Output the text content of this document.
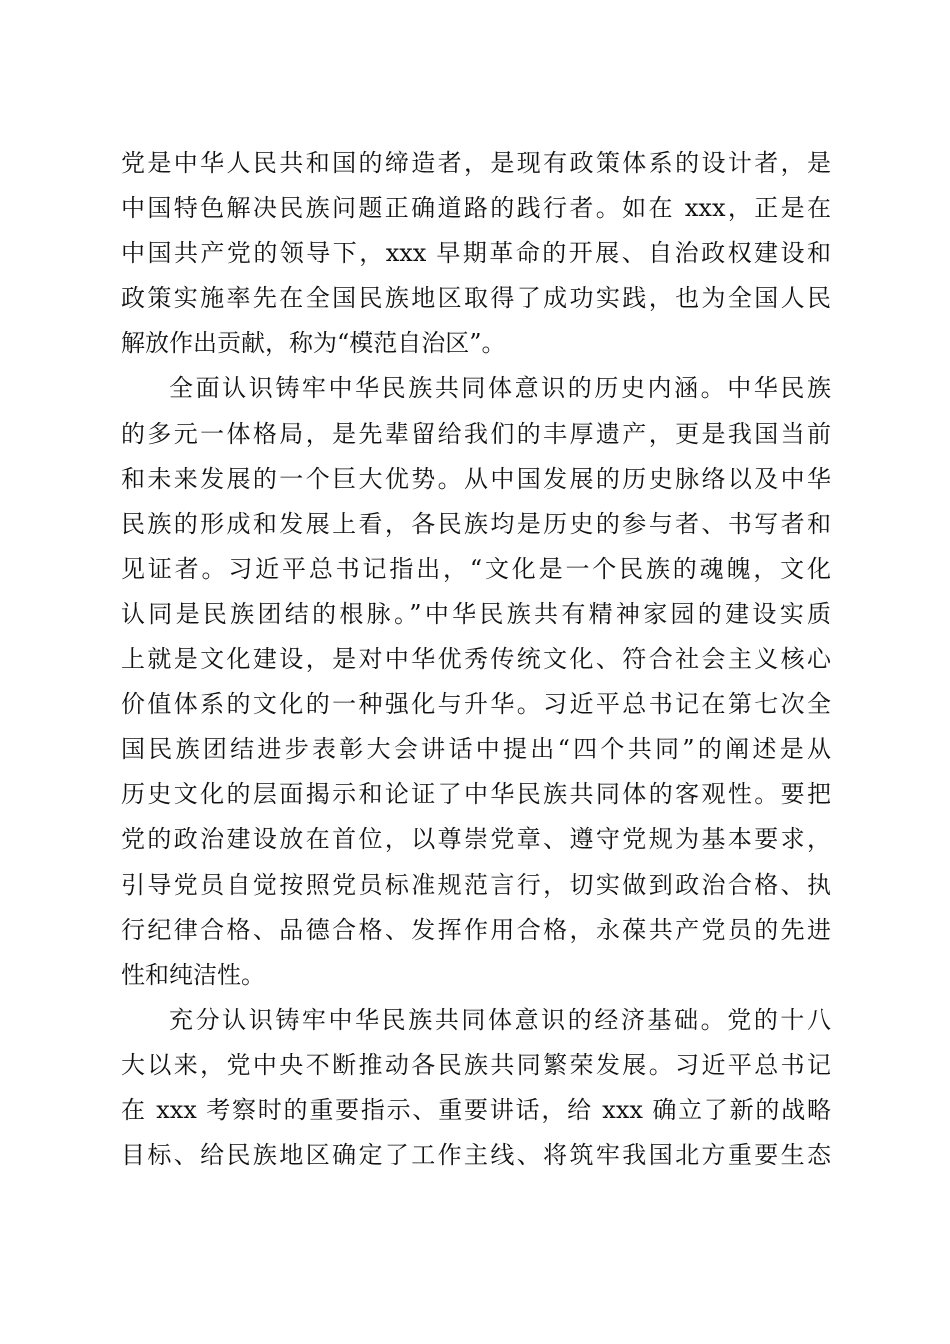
党是中华人民共和国的缔造者，是现有政策体系的设计者，是
中国特色解决民族问题正确道路的践行者。如在 xxx，正是在
中国共产党的领导下，xxx 早期革命的开展、自治政权建设和
政策实施率先在全国民族地区取得了成功实践，也为全国人民
解放作出贡献，称为“模范自治区”。
全面认识铸牢中华民族共同体意识的历史内涵。中华民族
的多元一体格局，是先辈留给我们的丰厚遗产，更是我国当前
和未来发展的一个巨大优势。从中国发展的历史脉络以及中华
民族的形成和发展上看，各民族均是历史的参与者、书写者和
见证者。习近平总书记指出，“文化是一个民族的魂魄，文化
认同是民族团结的根脉。”中华民族共有精神家园的建设实质
上就是文化建设，是对中华优秀传统文化、符合社会主义核心
价值体系的文化的一种强化与升华。习近平总书记在第七次全
国民族团结进步表彰大会讲话中提出“四个共同”的阐述是从
历史文化的层面揭示和论证了中华民族共同体的客观性。要把
党的政治建设放在首位，以尊崇党章、遵守党规为基本要求，
引导党员自觉按照党员标准规范言行，切实做到政治合格、执
行纪律合格、品德合格、发挥作用合格，永葆共产党员的先进
性和纯洁性。
充分认识铸牢中华民族共同体意识的经济基础。党的十八
大以来，党中央不断推动各民族共同繁荣发展。习近平总书记
在 xxx 考察时的重要指示、重要讲话，给 xxx 确立了新的战略
目标、给民族地区确定了工作主线、将筑牢我国北方重要生态
